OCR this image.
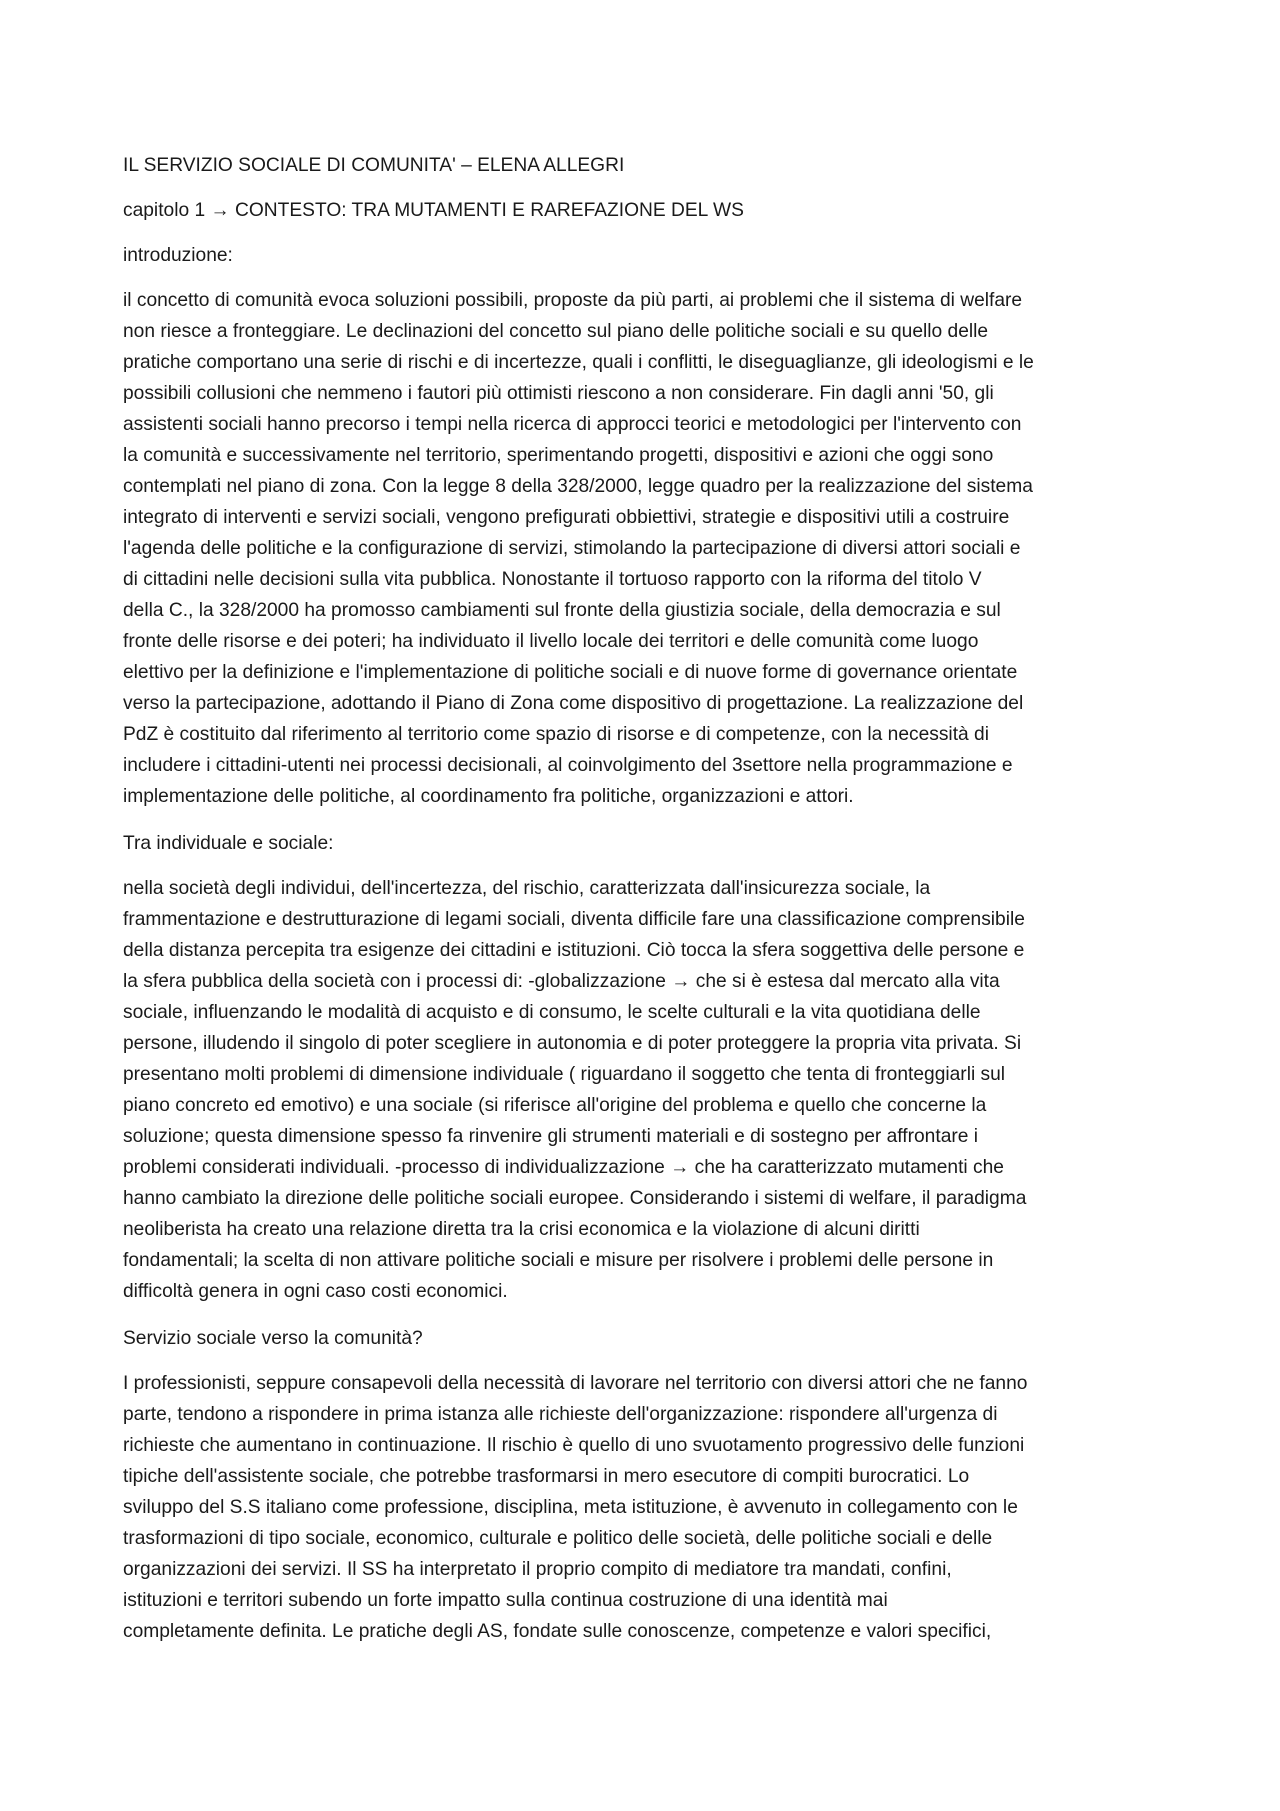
IL SERVIZIO SOCIALE DI COMUNITA' – ELENA ALLEGRI
capitolo 1 → CONTESTO: TRA MUTAMENTI E RAREFAZIONE DEL WS
introduzione:
il concetto di comunità evoca soluzioni possibili, proposte da più parti, ai problemi che il sistema di welfare
non riesce a fronteggiare. Le declinazioni del concetto sul piano delle politiche sociali e su quello delle
pratiche comportano una serie di rischi e di incertezze, quali i conflitti, le diseguaglianze, gli ideologismi e le
possibili collusioni che nemmeno i fautori più ottimisti riescono a non considerare. Fin dagli anni '50, gli
assistenti sociali hanno precorso i tempi nella ricerca di approcci teorici e metodologici per l'intervento con
la comunità e successivamente nel territorio, sperimentando progetti, dispositivi e azioni che oggi sono
contemplati nel piano di zona. Con la legge 8 della 328/2000, legge quadro per la realizzazione del sistema
integrato di interventi e servizi sociali, vengono prefigurati obbiettivi, strategie e dispositivi utili a costruire
l'agenda delle politiche e la configurazione di servizi, stimolando la partecipazione di diversi attori sociali e
di cittadini nelle decisioni sulla vita pubblica. Nonostante il tortuoso rapporto con la riforma del titolo V
della C., la 328/2000 ha promosso cambiamenti sul fronte della giustizia sociale, della democrazia e sul
fronte delle risorse e dei poteri; ha individuato il livello locale dei territori e delle comunità come luogo
elettivo per la definizione e l'implementazione di politiche sociali e di nuove forme di governance orientate
verso la partecipazione, adottando il Piano di Zona come dispositivo di progettazione. La realizzazione del
PdZ è costituito dal riferimento al territorio come spazio di risorse e di competenze, con la necessità di
includere i cittadini-utenti nei processi decisionali, al coinvolgimento del 3settore nella programmazione e
implementazione delle politiche, al coordinamento fra politiche, organizzazioni e attori.
Tra individuale e sociale:
nella società degli individui, dell'incertezza, del rischio, caratterizzata dall'insicurezza sociale, la
frammentazione e destrutturazione di legami sociali, diventa difficile fare una classificazione comprensibile
della distanza percepita tra esigenze dei cittadini e istituzioni. Ciò tocca la sfera soggettiva delle persone e
la sfera pubblica della società con i processi di: -globalizzazione → che si è estesa dal mercato alla vita
sociale, influenzando le modalità di acquisto e di consumo, le scelte culturali e la vita quotidiana delle
persone, illudendo il singolo di poter scegliere in autonomia e di poter proteggere la propria vita privata. Si
presentano molti problemi di dimensione individuale ( riguardano il soggetto che tenta di fronteggiarli sul
piano concreto ed emotivo) e una sociale (si riferisce all'origine del problema e quello che concerne la
soluzione; questa dimensione spesso fa rinvenire gli strumenti materiali e di sostegno per affrontare i
problemi considerati individuali. -processo di individualizzazione → che ha caratterizzato mutamenti che
hanno cambiato la direzione delle politiche sociali europee. Considerando i sistemi di welfare, il paradigma
neoliberista ha creato una relazione diretta tra la crisi economica e la violazione di alcuni diritti
fondamentali; la scelta di non attivare politiche sociali e misure per risolvere i problemi delle persone in
difficoltà genera in ogni caso costi economici.
Servizio sociale verso la comunità?
I professionisti, seppure consapevoli della necessità di lavorare nel territorio con diversi attori che ne fanno
parte, tendono a rispondere in prima istanza alle richieste dell'organizzazione: rispondere all'urgenza di
richieste che aumentano in continuazione. Il rischio è quello di uno svuotamento progressivo delle funzioni
tipiche dell'assistente sociale, che potrebbe trasformarsi in mero esecutore di compiti burocratici. Lo
sviluppo del S.S italiano come professione, disciplina, meta istituzione, è avvenuto in collegamento con le
trasformazioni di tipo sociale, economico, culturale e politico delle società, delle politiche sociali e delle
organizzazioni dei servizi. Il SS ha interpretato il proprio compito di mediatore tra mandati, confini,
istituzioni e territori subendo un forte impatto sulla continua costruzione di una identità mai
completamente definita. Le pratiche degli AS, fondate sulle conoscenze, competenze e valori specifici,
